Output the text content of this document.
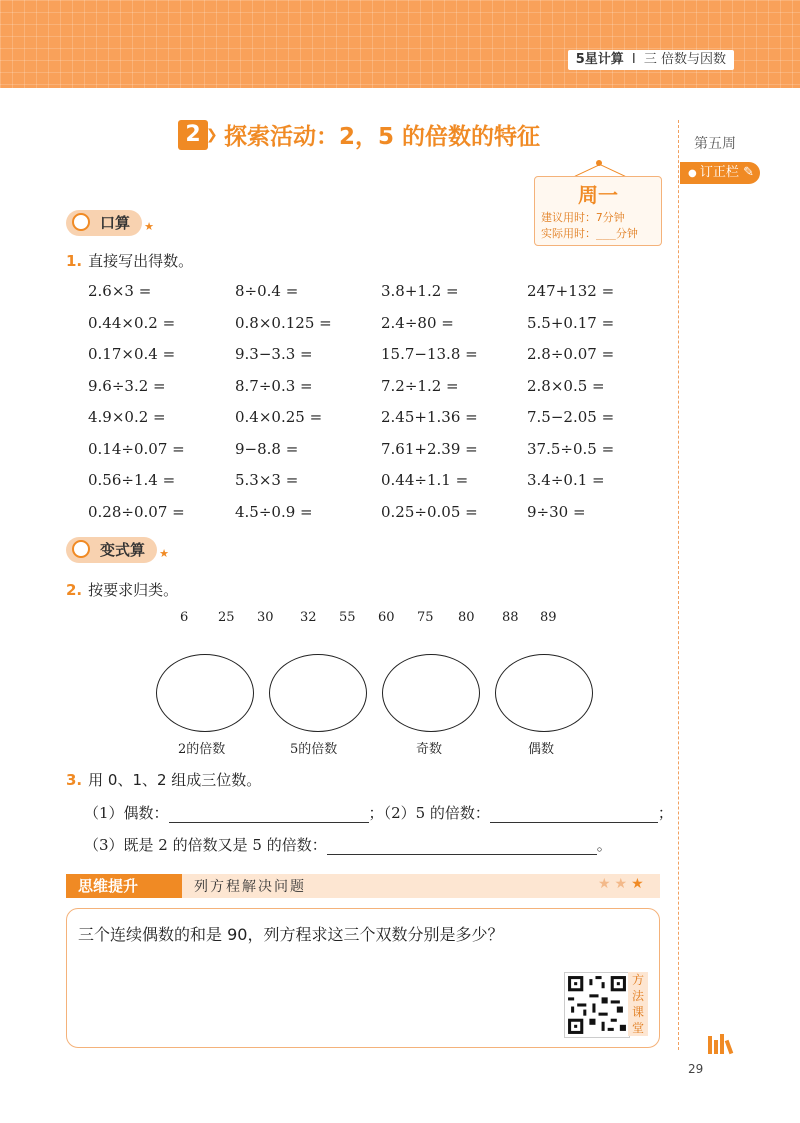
5星计算 Ⅰ 三 倍数与因数
2 ❯ 探索活动：2，5 的倍数的特征	第五周
● 订正栏 ✎
周一
建议用时：7分钟
实际用时：___分钟
口算 ★
1. 直接写出得数。
2.6×3 =	8÷0.4 =	3.8+1.2 =	247+132 =
0.44×0.2 =	0.8×0.125 =	2.4÷80 =	5.5+0.17 =
0.17×0.4 =	9.3−3.3 =	15.7−13.8 =	2.8÷0.07 =
9.6÷3.2 =	8.7÷0.3 =	7.2÷1.2 =	2.8×0.5 =
4.9×0.2 =	0.4×0.25 =	2.45+1.36 =	7.5−2.05 =
0.14÷0.07 =	9−8.8 =	7.61+2.39 =	37.5÷0.5 =
0.56÷1.4 =	5.3×3 =	0.44÷1.1 =	3.4÷0.1 =
0.28÷0.07 =	4.5÷0.9 =	0.25÷0.05 =	9÷30 =
变式算 ★
2. 按要求归类。
6 25 30 32 55 60 75 80 88 89
2的倍数	5的倍数	奇数	偶数
3. 用 0、1、2 组成三位数。
（1）偶数：	；（2）5 的倍数：	；
（3）既是 2 的倍数又是 5 的倍数：	。
思维提升	列方程解决问题	★★★
三个连续偶数的和是 90，列方程求这三个双数分别是多少？
方法课堂
29
